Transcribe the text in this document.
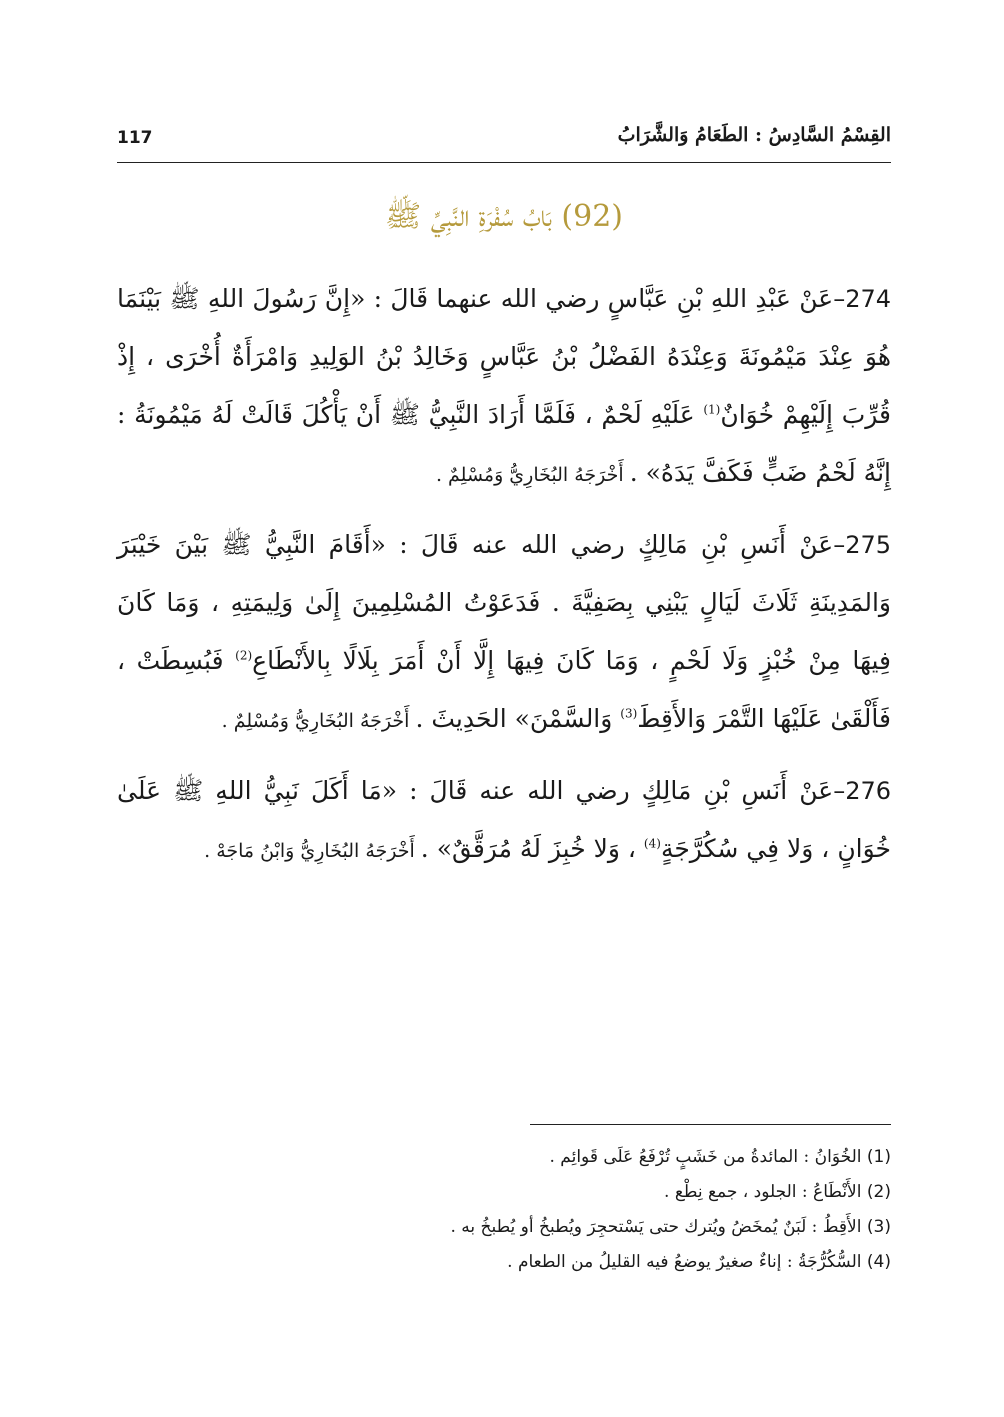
117	القِسْمُ السَّادِسُ : الطَعَامُ وَالشَّرَابُ
(92) بَابُ سُفْرَةِ النَّبِيِّ ﷺ

274–عَنْ عَبْدِ اللهِ بْنِ عَبَّاسٍ رضي الله عنهما قَالَ : «إِنَّ رَسُولَ اللهِ ﷺ بَيْنَمَا هُوَ عِنْدَ مَيْمُونَةَ وَعِنْدَهُ الفَضْلُ بْنُ عَبَّاسٍ وَخَالِدُ بْنُ الوَلِيدِ وَامْرَأَةٌ أُخْرَى ، إِذْ قُرِّبَ إِلَيْهِمْ خُوَانٌ$^{(1)}$ عَلَيْهِ لَحْمٌ ، فَلَمَّا أَرَادَ النَّبِيُّ ﷺ أَنْ يَأْكُلَ قَالَتْ لَهُ مَيْمُونَةُ : إِنَّهُ لَحْمُ ضَبٍّ فَكَفَّ يَدَهُ» . أَخْرَجَهُ البُخَارِيُّ وَمُسْلِمٌ .

275–عَنْ أَنَسِ بْنِ مَالِكٍ رضي الله عنه قَالَ : «أَقَامَ النَّبِيُّ ﷺ بَيْنَ خَيْبَرَ وَالمَدِينَةِ ثَلَاثَ لَيَالٍ يَبْنِي بِصَفِيَّةَ . فَدَعَوْتُ المُسْلِمِينَ إِلَىٰ وَلِيمَتِهِ ، وَمَا كَانَ فِيهَا مِنْ خُبْزٍ وَلَا لَحْمٍ ، وَمَا كَانَ فِيهَا إِلَّا أَنْ أَمَرَ بِلَالًا بِالأَنْطَاعِ$^{(2)}$ فَبُسِطَتْ ، فَأَلْقَىٰ عَلَيْهَا التَّمْرَ وَالأَقِطَ$^{(3)}$ وَالسَّمْنَ» الحَدِيثَ . أَخْرَجَهُ البُخَارِيُّ وَمُسْلِمٌ .

276–عَنْ أَنَسِ بْنِ مَالِكٍ رضي الله عنه قَالَ : «مَا أَكَلَ نَبِيُّ اللهِ ﷺ عَلَىٰ خُوَانٍ ، وَلا فِي سُكُرَّجَةٍ$^{(4)}$ ، وَلا خُبِزَ لَهُ مُرَقَّقٌ» . أَخْرَجَهُ البُخَارِيُّ وَابْنُ مَاجَهْ .

(1) الخُوَانُ : المائدةُ من خَشَبٍ تُرْفَعُ عَلَى قَوائِم .
(2) الأَنْطَاعُ : الجلود ، جمع نِطْع .
(3) الأَقِطُ : لَبَنٌ يُمخَضُ ويُترك حتى يَسْتحجِرَ ويُطبخُ أو يُطبخُ به .
(4) السُّكُرُّجَةُ : إناءٌ صغيرٌ يوضعُ فيه القليلُ من الطعام .
